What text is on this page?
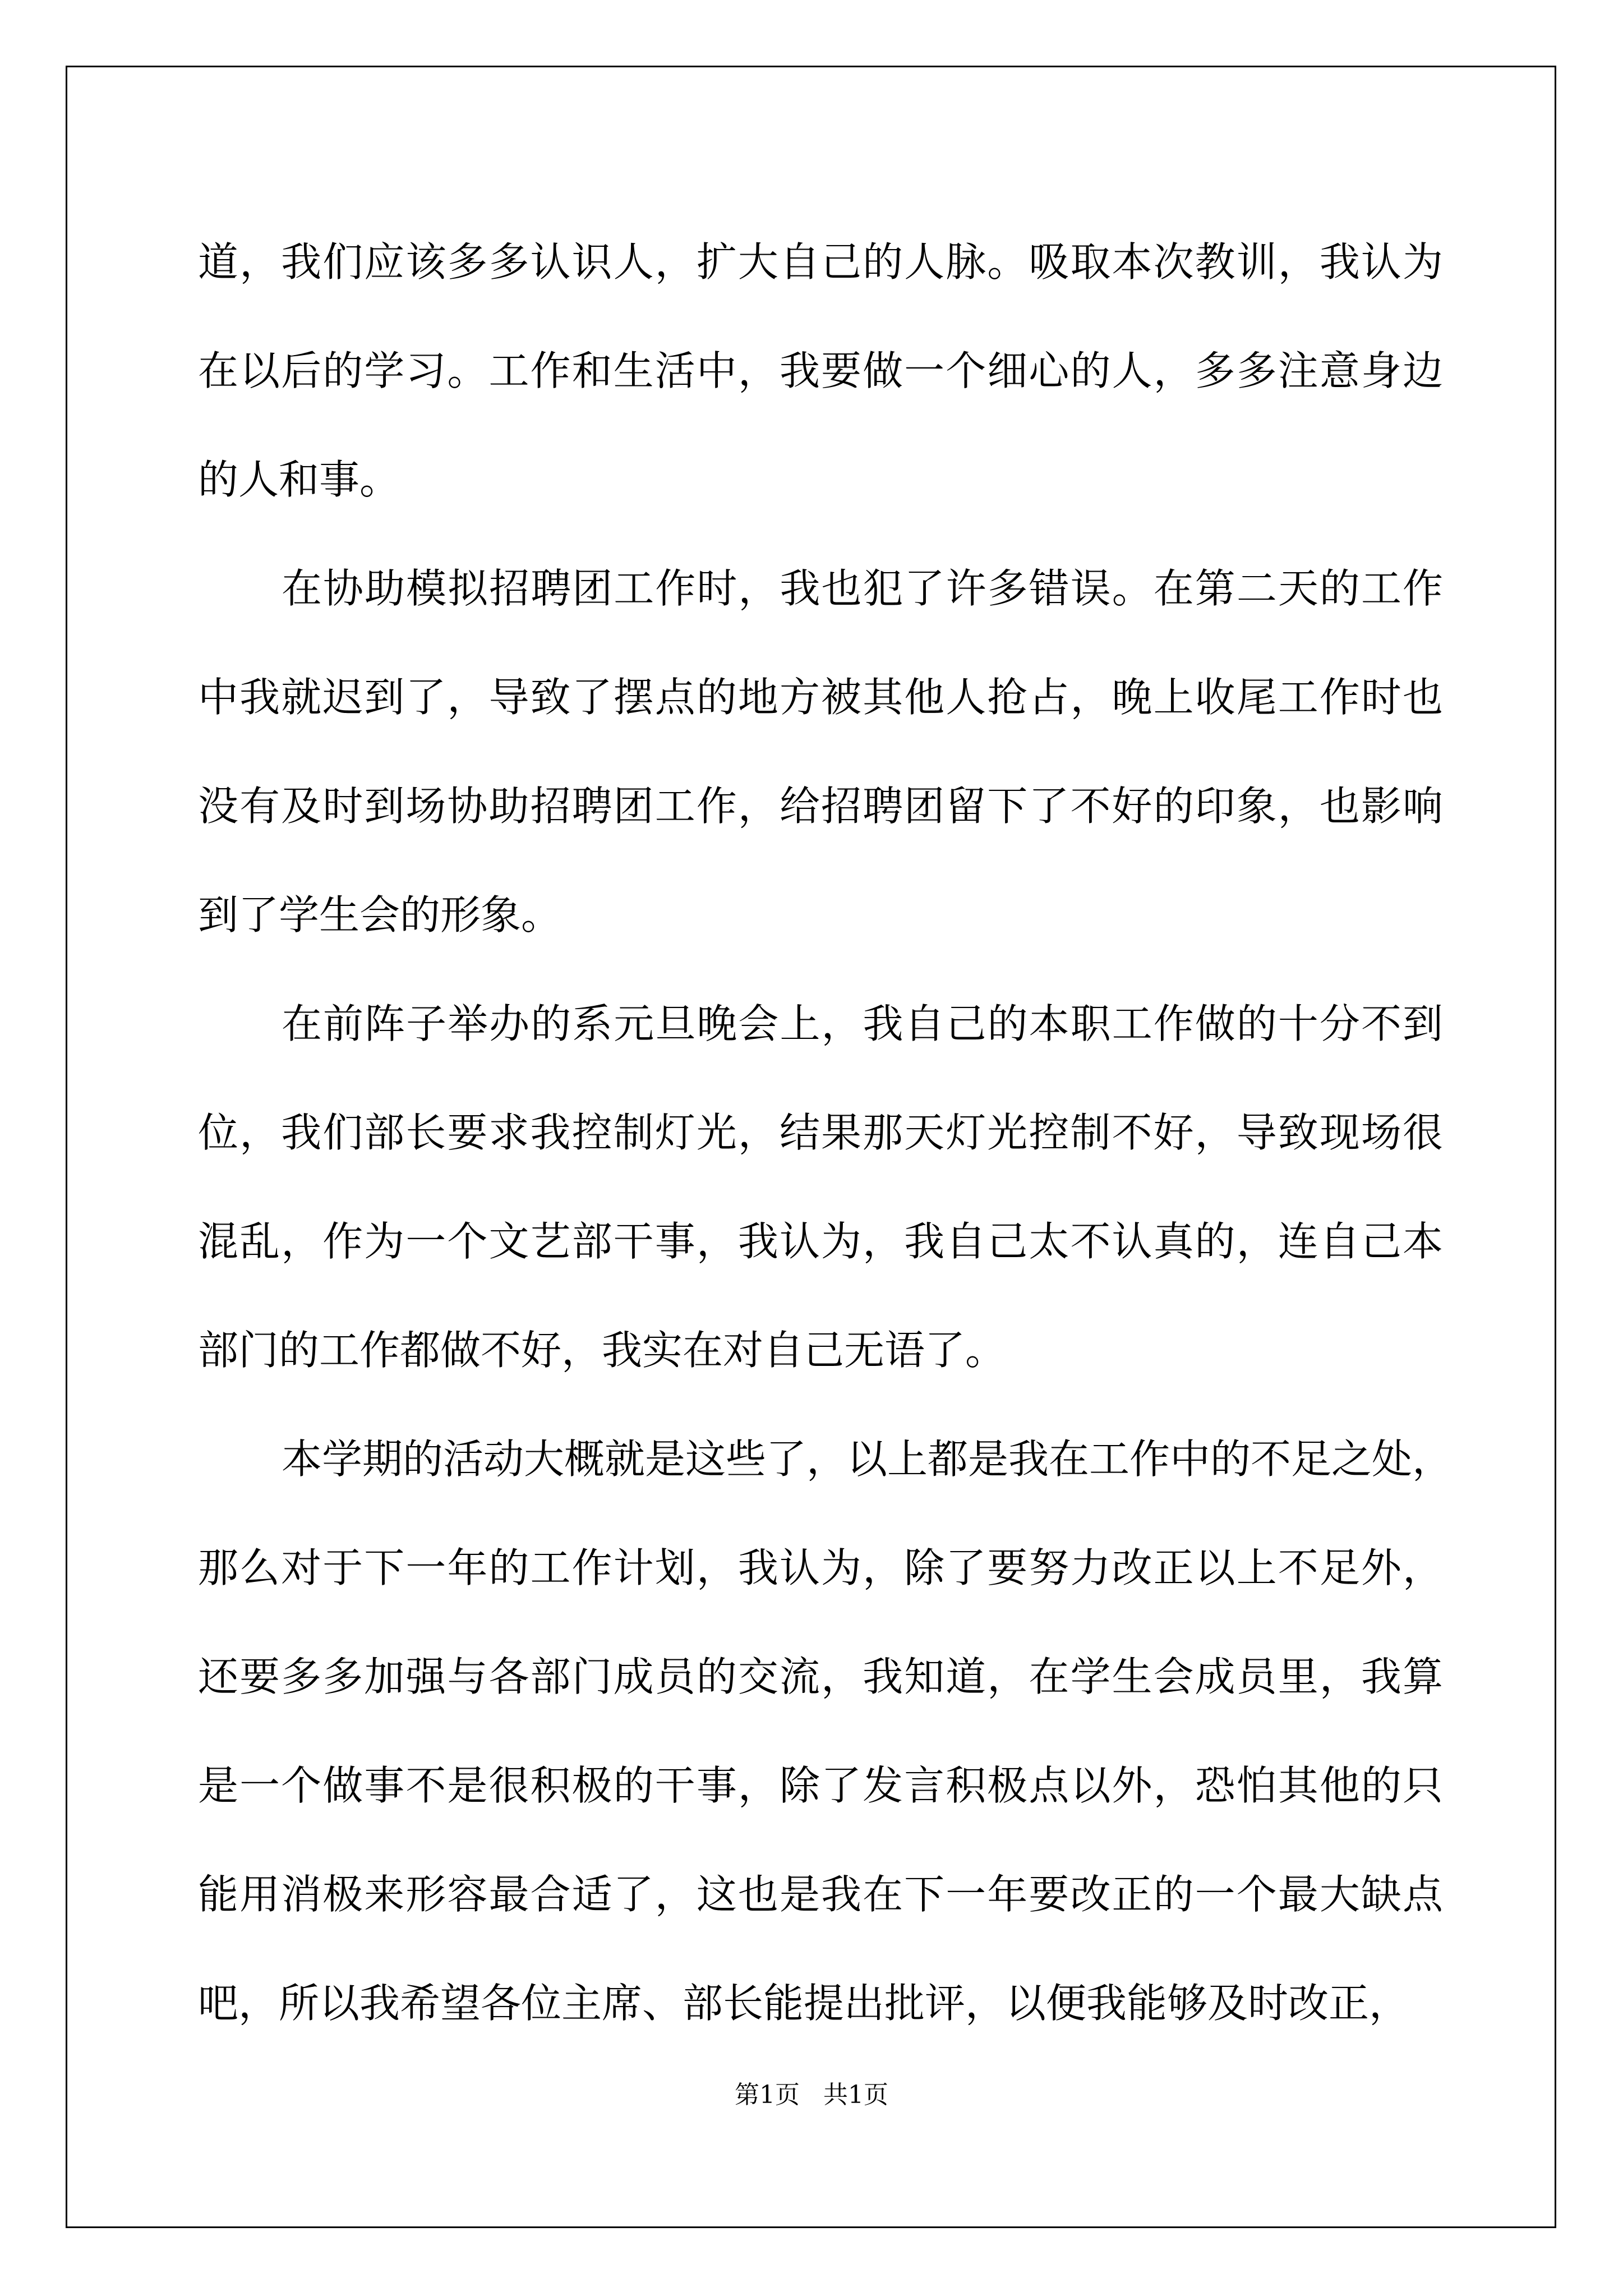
道，我们应该多多认识人，扩大自己的人脉。吸取本次教训，我认为
在以后的学习。工作和生活中，我要做一个细心的人，多多注意身边
的人和事。
在协助模拟招聘团工作时，我也犯了许多错误。在第二天的工作
中我就迟到了，导致了摆点的地方被其他人抢占，晚上收尾工作时也
没有及时到场协助招聘团工作，给招聘团留下了不好的印象，也影响
到了学生会的形象。
在前阵子举办的系元旦晚会上，我自己的本职工作做的十分不到
位，我们部长要求我控制灯光，结果那天灯光控制不好，导致现场很
混乱，作为一个文艺部干事，我认为，我自己太不认真的，连自己本
部门的工作都做不好，我实在对自己无语了。
本学期的活动大概就是这些了，以上都是我在工作中的不足之处，
那么对于下一年的工作计划，我认为，除了要努力改正以上不足外，
还要多多加强与各部门成员的交流，我知道，在学生会成员里，我算
是一个做事不是很积极的干事，除了发言积极点以外，恐怕其他的只
能用消极来形容最合适了，这也是我在下一年要改正的一个最大缺点
吧，所以我希望各位主席、部长能提出批评，以便我能够及时改正，
第1页   共1页
